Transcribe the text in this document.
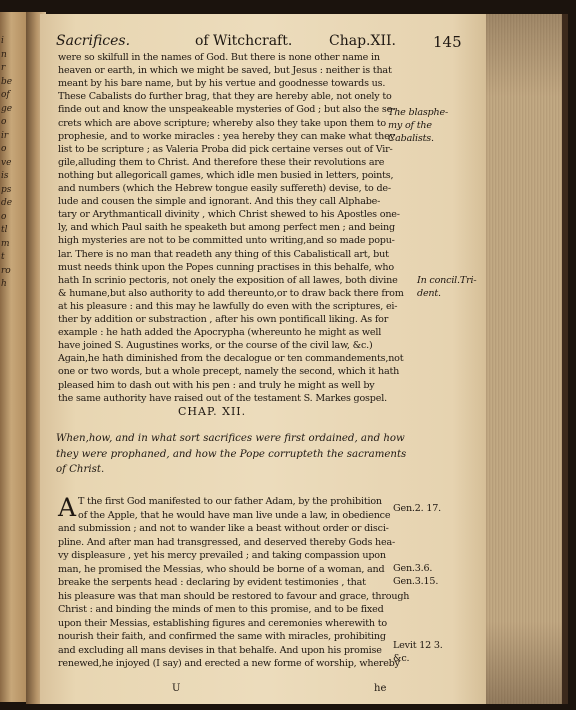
i
n
r
be
of
ge
o
ir
o
ve
is
ps
de
o
tl
m
t
ro
h
Sacrifices.	of Witchcraft.	Chap.XII. 145
were so skilfull in the names of God. But there is none other name in
heaven or earth, in which we might be saved, but Jesus : neither is that
meant by his bare name, but by his vertue and goodnesse towards us.
These Cabalists do further brag, that they are hereby able, not onely to
finde out and know the unspeakeable mysteries of God ; but also the se-
crets which are above scripture; whereby also they take upon them to
prophesie, and to worke miracles : yea hereby they can make what they
list to be scripture ; as Valeria Proba did pick certaine verses out of Vir-
gile,alluding them to Christ. And therefore these their revolutions are
nothing but allegoricall games, which idle men busied in letters, points,
and numbers (which the Hebrew tongue easily suffereth) devise, to de-
lude and cousen the simple and ignorant. And this they call Alphabe-
tary or Arythmanticall divinity , which Christ shewed to his Apostles one-
ly, and which Paul saith he speaketh but among perfect men ; and being
high mysteries are not to be committed unto writing,and so made popu-
lar. There is no man that readeth any thing of this Cabalisticall art, but
must needs think upon the Popes cunning practises in this behalfe, who
hath In scrinio pectoris, not onely the exposition of all lawes, both divine
& humane,but also authority to add thereunto,or to draw back there from
at his pleasure : and this may he lawfully do even with the scriptures, ei-
ther by addition or substraction , after his own pontificall liking. As for
example : he hath added the Apocrypha (whereunto he might as well
have joined S. Augustines works, or the course of the civil law, &c.)
Again,he hath diminished from the decalogue or ten commandements,not
one or two words, but a whole precept, namely the second, which it hath
pleased him to dash out with his pen : and truly he might as well by
the same authority have raised out of the testament S. Markes gospel.
The blasphe-
my of the
Cabalists.
In concil.Tri-
dent.
CHAP. XII.
When,how, and in what sort sacrifices were first ordained, and how
they were prophaned, and how the Pope corrupteth the sacraments
of Christ.
A T the first God manifested to our father Adam, by the prohibition
of the Apple, that he would have man live unde a law, in obedience
and submission ; and not to wander like a beast without order or disci-
pline. And after man had transgressed, and deserved thereby Gods hea-
vy displeasure , yet his mercy prevailed ; and taking compassion upon
man, he promised the Messias, who should be borne of a woman, and
breake the serpents head : declaring by evident testimonies , that
his pleasure was that man should be restored to favour and grace, through
Christ : and binding the minds of men to this promise, and to be fixed
upon their Messias, establishing figures and ceremonies wherewith to
nourish their faith, and confirmed the same with miracles, prohibiting
and excluding all mans devises in that behalfe. And upon his promise
renewed,he injoyed (I say) and erected a new forme of worship, whereby
Gen.2. 17.
Gen.3.6.
Gen.3.15.
Levit 12 3.
&c.
U	he
